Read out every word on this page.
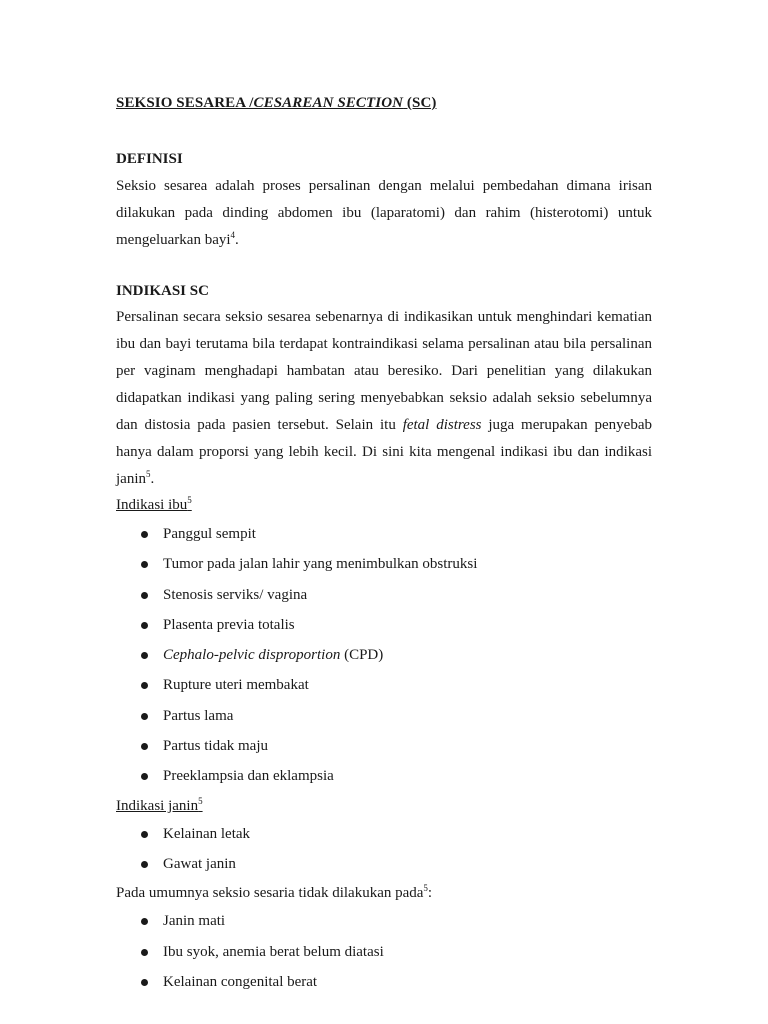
SEKSIO SESAREA /CESAREAN SECTION (SC)

DEFINISI

Seksio sesarea adalah proses persalinan dengan melalui pembedahan dimana irisan dilakukan pada dinding abdomen ibu (laparatomi) dan rahim (histerotomi) untuk mengeluarkan bayi$^4$.

INDIKASI SC

Persalinan secara seksio sesarea sebenarnya di indikasikan untuk menghindari kematian ibu dan bayi terutama bila terdapat kontraindikasi selama persalinan atau bila persalinan per vaginam menghadapi hambatan atau beresiko. Dari penelitian yang dilakukan didapatkan indikasi yang paling sering menyebabkan seksio adalah seksio sebelumnya dan distosia pada pasien tersebut. Selain itu fetal distress juga merupakan penyebab hanya dalam proporsi yang lebih kecil. Di sini kita mengenal indikasi ibu dan indikasi janin$^5$.

Indikasi ibu$^5$

Panggul sempit
Tumor pada jalan lahir yang menimbulkan obstruksi
Stenosis serviks/ vagina
Plasenta previa totalis
Cephalo-pelvic disproportion (CPD)
Rupture uteri membakat
Partus lama
Partus tidak maju
Preeklampsia dan eklampsia

Indikasi janin$^5$

Kelainan letak
Gawat janin

Pada umumnya seksio sesaria tidak dilakukan pada$^5$:

Janin mati
Ibu syok, anemia berat belum diatasi
Kelainan congenital berat
